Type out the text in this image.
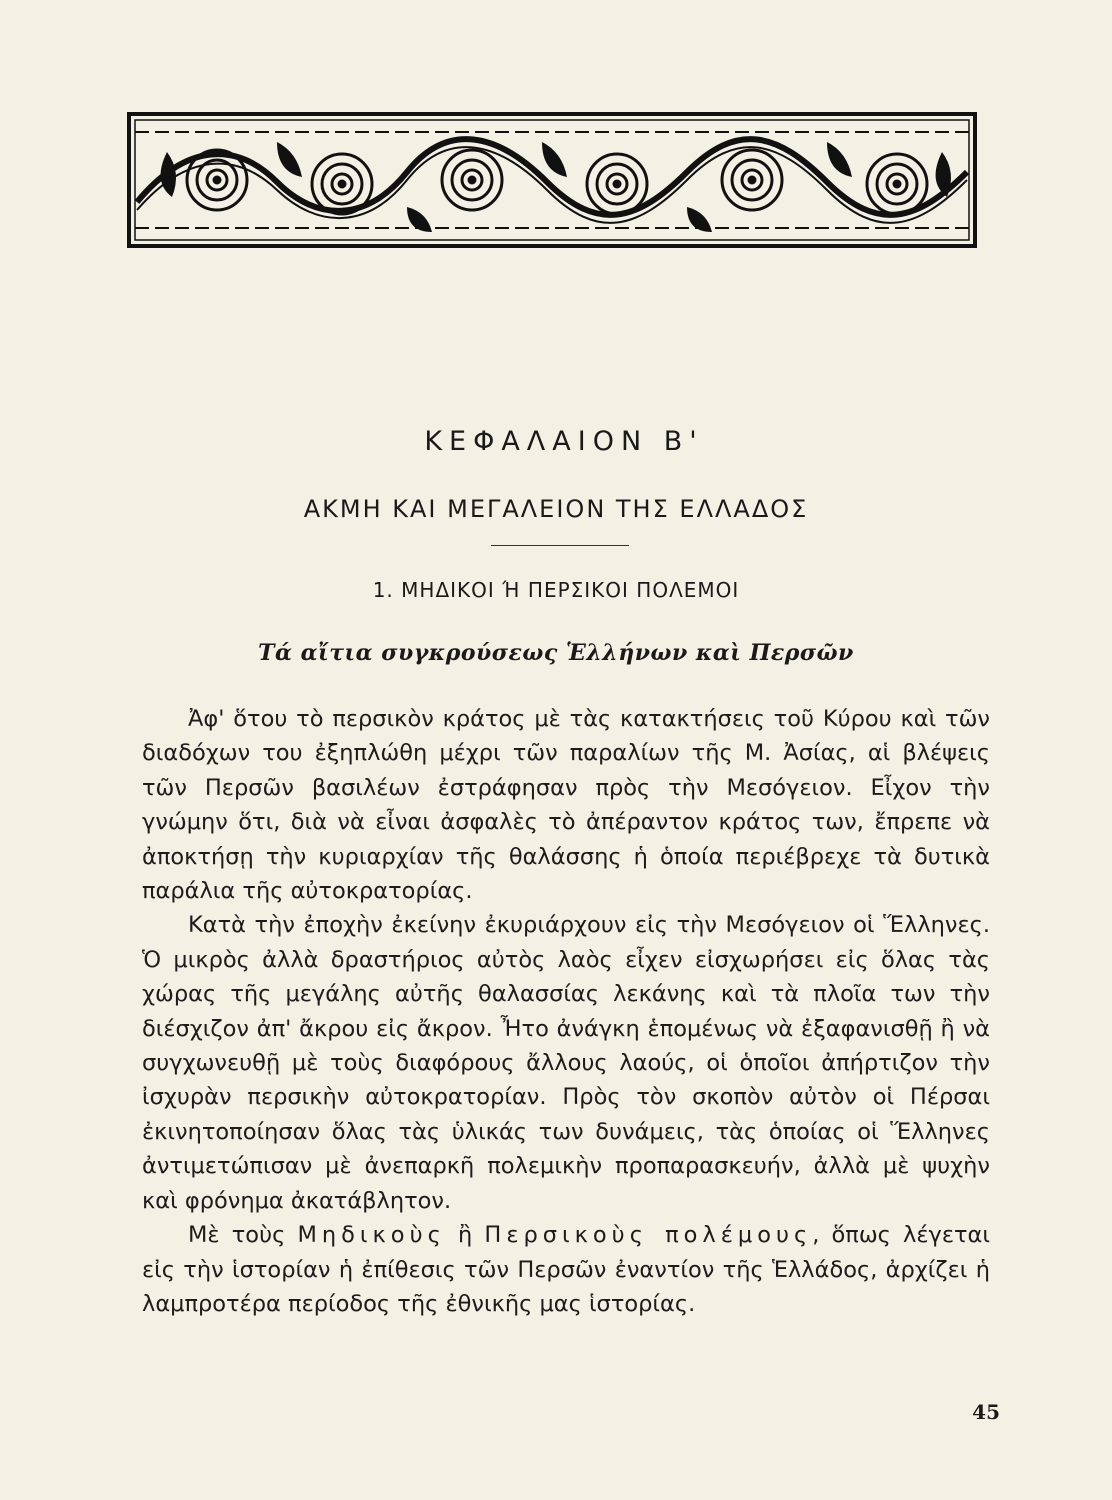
ΚΕΦΑΛΑΙΟΝ Β'
ΑΚΜΗ ΚΑΙ ΜΕΓΑΛΕΙΟΝ ΤΗΣ ΕΛΛΑΔΟΣ
1. ΜΗΔΙΚΟΙ Ή ΠΕΡΣΙΚΟΙ ΠΟΛΕΜΟΙ
Τά αἴτια συγκρούσεως Ἑλλήνων καὶ Περσῶν

Ἀφ' ὅτου τὸ περσικὸν κράτος μὲ τὰς κατακτήσεις τοῦ Κύρου καὶ τῶν διαδόχων του ἐξηπλώθη μέχρι τῶν παραλίων τῆς Μ. Ἀσίας, αἱ βλέψεις τῶν Περσῶν βασιλέων ἐστράφησαν πρὸς τὴν Μεσόγειον. Εἶχον τὴν γνώμην ὅτι, διὰ νὰ εἶναι ἀσφαλὲς τὸ ἀπέραντον κράτος των, ἔπρεπε νὰ ἀποκτήσῃ τὴν κυριαρχίαν τῆς θαλάσσης ἡ ὁποία περιέβρεχε τὰ δυτικὰ παράλια τῆς αὐτοκρατορίας.

Κατὰ τὴν ἐποχὴν ἐκείνην ἐκυριάρχουν εἰς τὴν Μεσόγειον οἱ Ἕλληνες. Ὁ μικρὸς ἀλλὰ δραστήριος αὐτὸς λαὸς εἶχεν εἰσχωρήσει εἰς ὅλας τὰς χώρας τῆς μεγάλης αὐτῆς θαλασσίας λεκάνης καὶ τὰ πλοῖα των τὴν διέσχιζον ἀπ' ἄκρου εἰς ἄκρον. Ἦτο ἀνάγκη ἑπομένως νὰ ἐξαφανισθῇ ἢ νὰ συγχωνευθῇ μὲ τοὺς διαφόρους ἄλλους λαούς, οἱ ὁποῖοι ἀπήρτιζον τὴν ἰσχυρὰν περσικὴν αὐτοκρατορίαν. Πρὸς τὸν σκοπὸν αὐτὸν οἱ Πέρσαι ἐκινητοποίησαν ὅλας τὰς ὑλικάς των δυνάμεις, τὰς ὁποίας οἱ Ἕλληνες ἀντιμετώπισαν μὲ ἀνεπαρκῆ πολεμικὴν προπαρασκευήν, ἀλλὰ μὲ ψυχὴν καὶ φρόνημα ἀκατάβλητον.

Μὲ τοὺς Μηδικοὺς ἢ Περσικοὺς πολέμους, ὅπως λέγεται εἰς τὴν ἱστορίαν ἡ ἐπίθεσις τῶν Περσῶν ἐναντίον τῆς Ἑλλάδος, ἀρχίζει ἡ λαμπροτέρα περίοδος τῆς ἐθνικῆς μας ἱστορίας.

45
